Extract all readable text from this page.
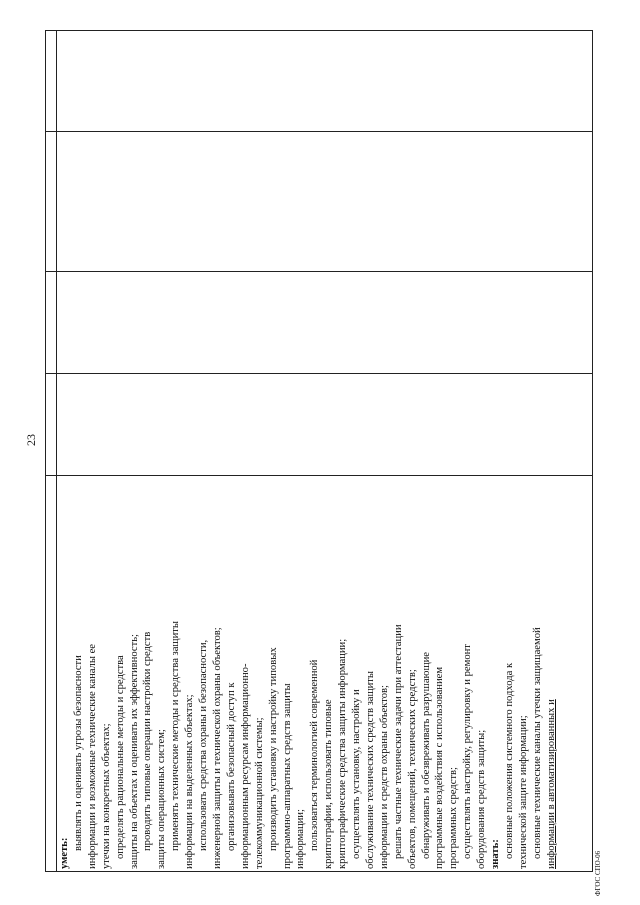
23
ФГОС СПО-06
уметь:
выявлять и оценивать угрозы безопасности информации и возможные технические каналы ее утечки на конкретных объектах; определять рациональные методы и средства защиты на объектах и оценивать их эффективность; проводить типовые операции настройки средств защиты операционных систем; применять технические методы и средства защиты информации на выделенных объектах; использовать средства охраны и безопасности, инженерной защиты и технической охраны объектов; организовывать безопасный доступ к информационным ресурсам информационно- телекоммуникационной системы; производить установку и настройку типовых программно-аппаратных средств защиты информации; пользоваться терминологией современной криптографии, использовать типовые криптографические средства защиты информации; осуществлять установку, настройку и обслуживание технических средств защиты информации и средств охраны объектов; решать частные технические задачи при аттестации объектов, помещений, технических средств; обнаруживать и обезвреживать разрушающие программные воздействия с использованием программных средств; осуществлять настройку, регулировку и ремонт оборудования средств защиты; знать: основные положения системного подхода к технической защите информации; основные технические каналы утечки защищаемой информации в автоматизированных и
